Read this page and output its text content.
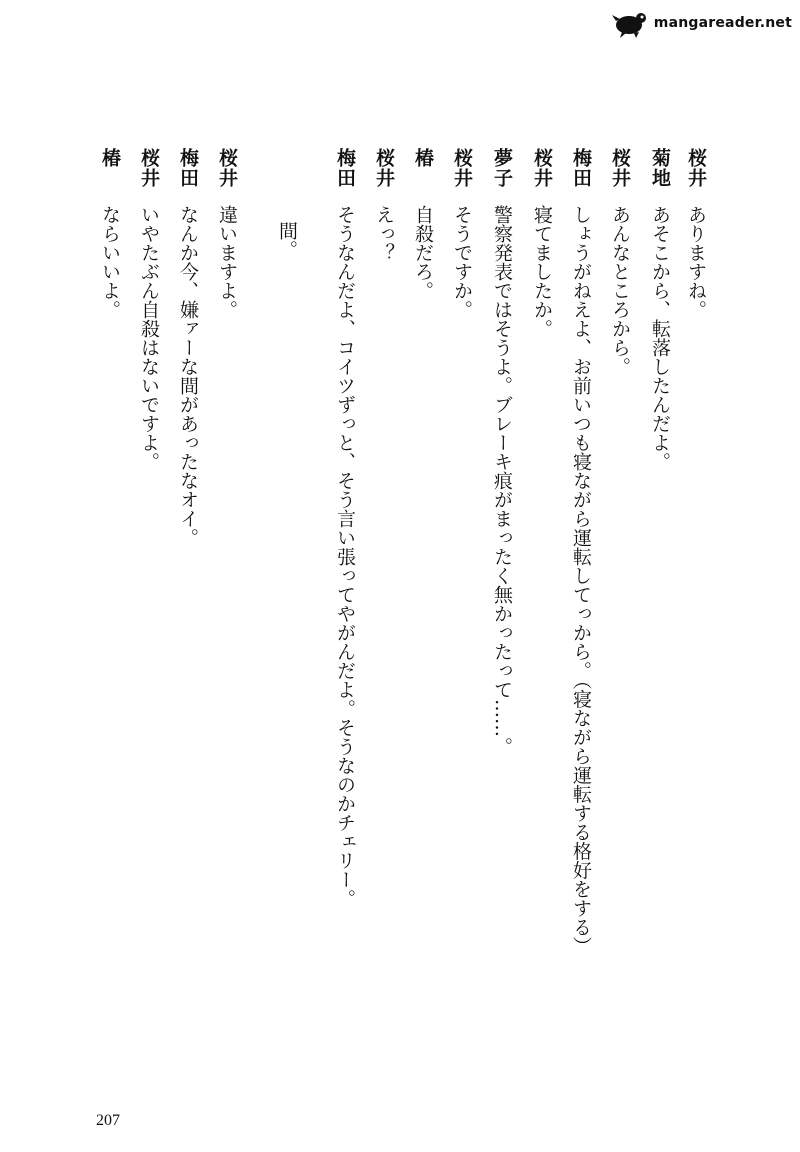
mangareader.net
桜井ありますね。
菊地あそこから、転落したんだよ。
桜井あんなところから。
梅田しょうがねえよ、お前いつも寝ながら運転してっから。（寝ながら運転する格好をする）
桜井寝てましたか。
夢子警察発表ではそうよ。ブレーキ痕がまったく無かったって……。
桜井そうですか。
椿自殺だろ。
桜井えっ？
梅田そうなんだよ、コイツずっと、そう言い張ってやがんだよ。そうなのかチェリー。
間。
桜井違いますよ。
梅田なんか今、嫌ァーな間があったなオイ。
桜井いやたぶん自殺はないですよ。
椿ならいいよ。
207
